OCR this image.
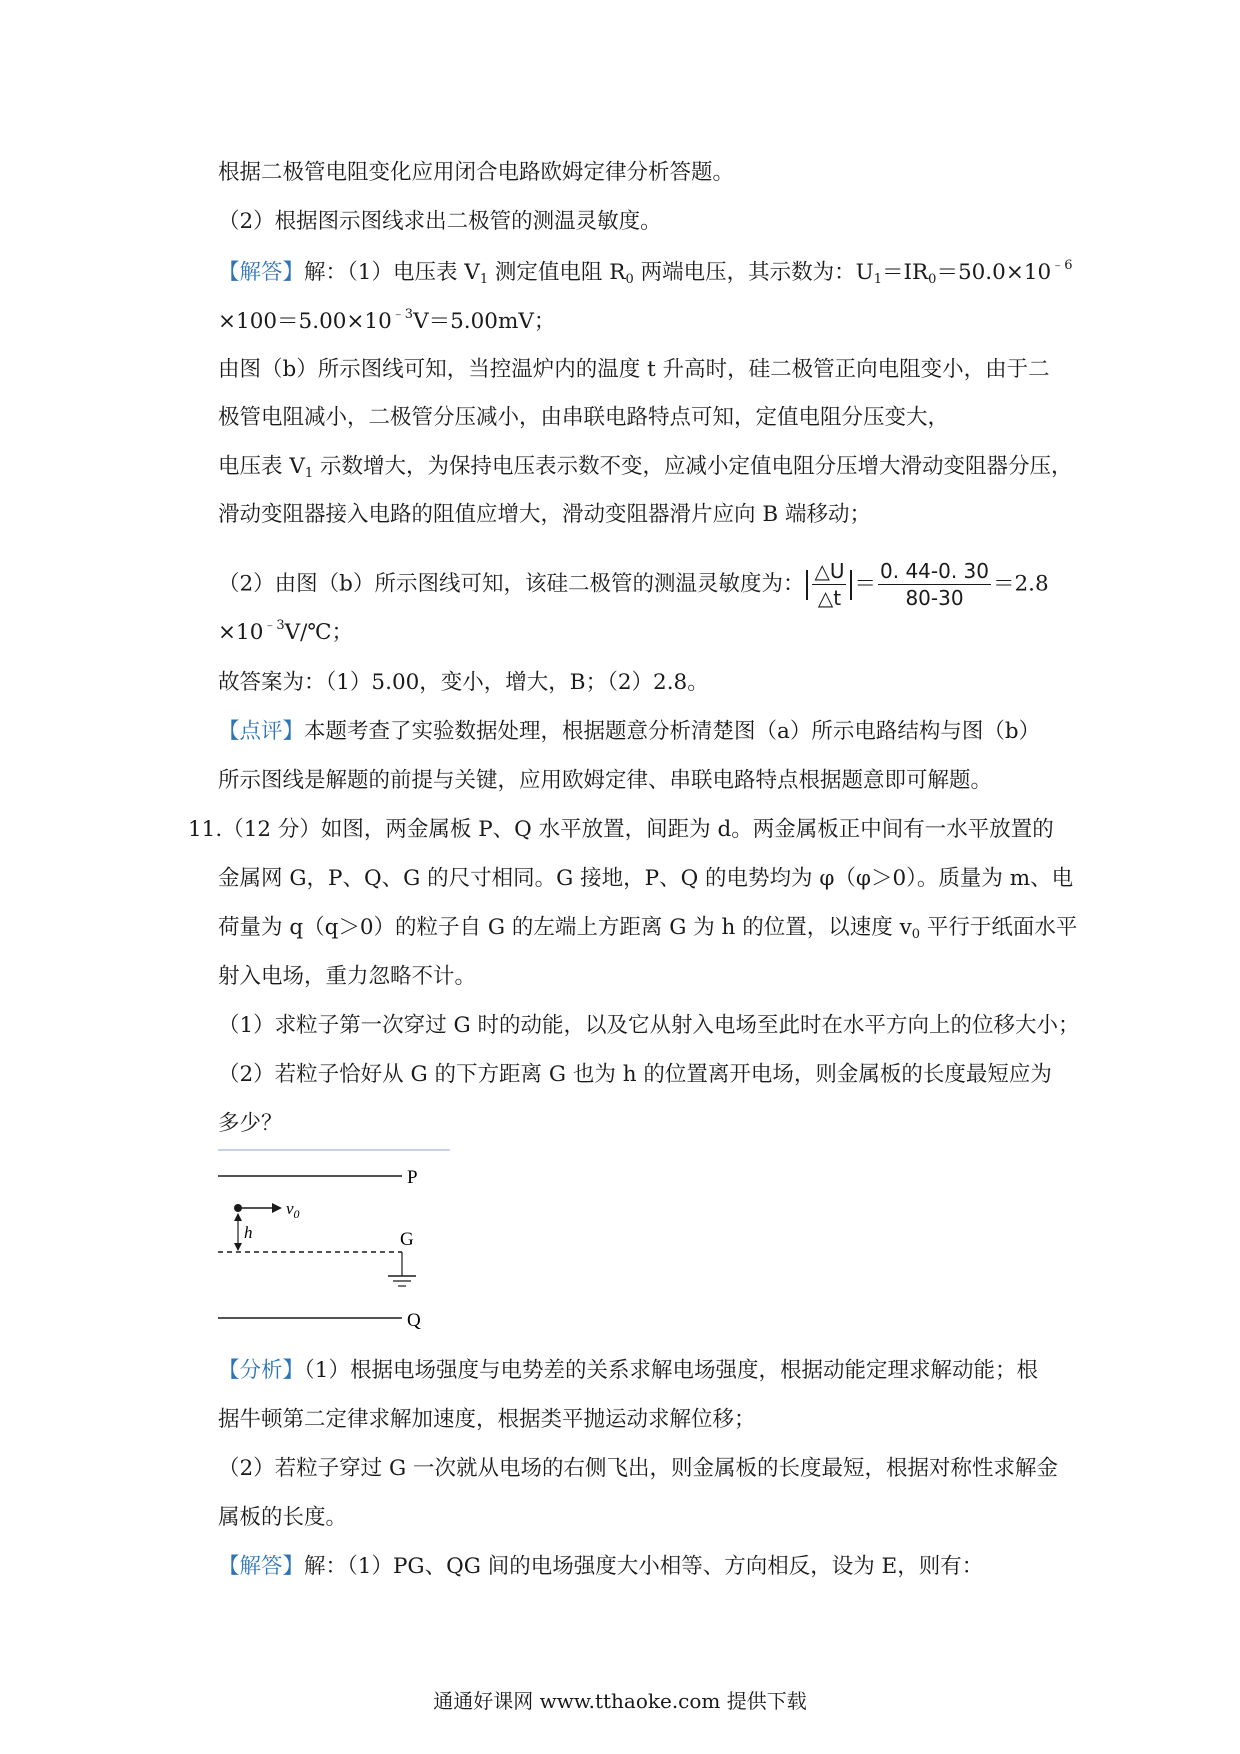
根据二极管电阻变化应用闭合电路欧姆定律分析答题。
（2）根据图示图线求出二极管的测温灵敏度。
【解答】解：（1）电压表 $V_1$ 测定值电阻 $R_0$ 两端电压，其示数为：$U_1=IR_0=50.0\times 10^{﹣6}$
$\times 100=5.00\times 10^{﹣3}V=5.00mV$；
由图（b）所示图线可知，当控温炉内的温度 t 升高时，硅二极管正向电阻变小，由于二
极管电阻减小，二极管分压减小，由串联电路特点可知，定值电阻分压变大，
电压表 $V_1$ 示数增大，为保持电压表示数不变，应减小定值电阻分压增大滑动变阻器分压，
滑动变阻器接入电路的阻值应增大，滑动变阻器滑片应向 B 端移动；
（2）由图（b）所示图线可知，该硅二极管的测温灵敏度为： $\frac{\triangle U}{\triangle t} = \frac{0. 44-0. 30}{80-30} =2.8$
$\times 10^{﹣3}V/℃$；
故答案为：（1）5.00，变小，增大，B；（2）2.8。
【点评】本题考查了实验数据处理，根据题意分析清楚图（a）所示电路结构与图（b）
所示图线是解题的前提与关键，应用欧姆定律、串联电路特点根据题意即可解题。
11.（12 分）如图，两金属板 P、Q 水平放置，间距为 d。两金属板正中间有一水平放置的
金属网 G，P、Q、G 的尺寸相同。G 接地，P、Q 的电势均为 φ（φ＞0）。质量为 m、电
荷量为 q（q＞0）的粒子自 G 的左端上方距离 G 为 h 的位置，以速度 $v_0$ 平行于纸面水平
射入电场，重力忽略不计。
（1）求粒子第一次穿过 G 时的动能，以及它从射入电场至此时在水平方向上的位移大小；
（2）若粒子恰好从 G 的下方距离 G 也为 h 的位置离开电场，则金属板的长度最短应为
多少？
P
$v_0$
h	G
Q
【分析】（1）根据电场强度与电势差的关系求解电场强度，根据动能定理求解动能；根
据牛顿第二定律求解加速度，根据类平抛运动求解位移；
（2）若粒子穿过 G 一次就从电场的右侧飞出，则金属板的长度最短，根据对称性求解金
属板的长度。
【解答】解：（1）PG、QG 间的电场强度大小相等、方向相反，设为 E，则有：
通通好课网 www.tthaoke.com 提供下载
